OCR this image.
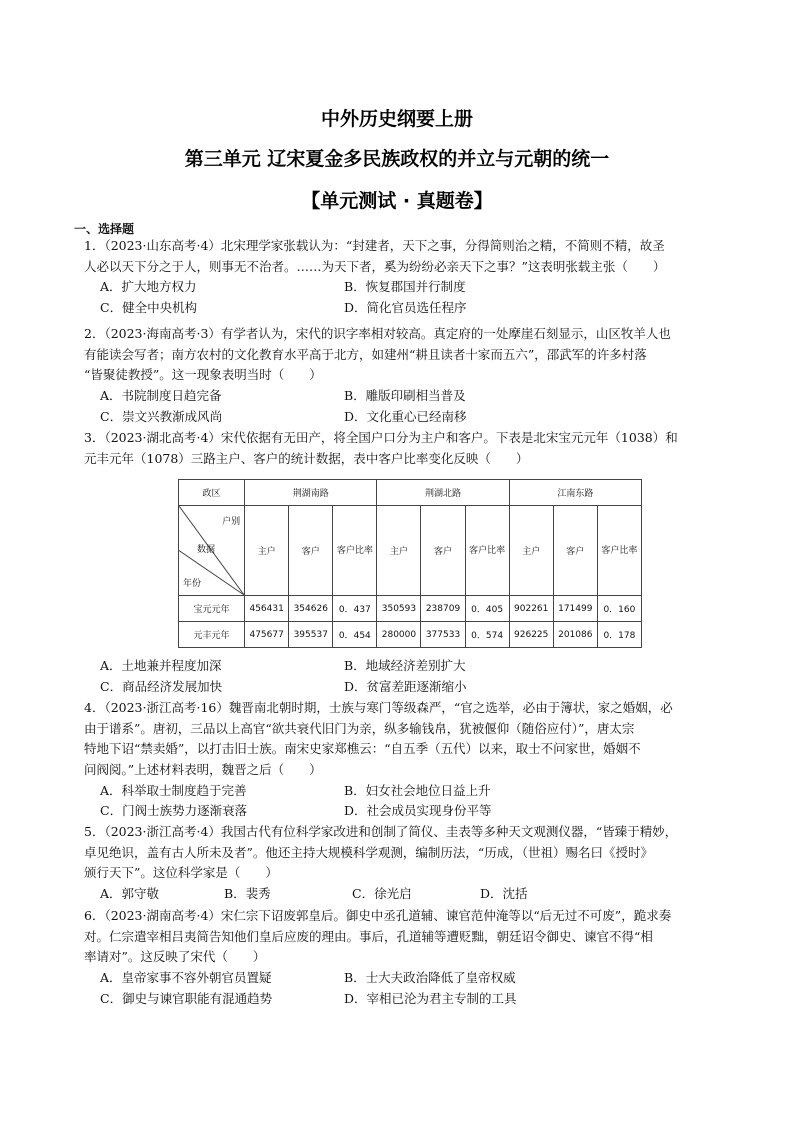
中外历史纲要上册
第三单元 辽宋夏金多民族政权的并立与元朝的统一
【单元测试 · 真题卷】
一、选择题
1．（2023·山东高考·4）北宋理学家张载认为：“封建者，天下之事，分得简则治之精，不简则不精，故圣
人必以天下分之于人，则事无不治者。……为天下者，奚为纷纷必亲天下之事？”这表明张载主张（　　）
A．扩大地方权力	B．恢复郡国并行制度
C．健全中央机构	D．简化官员选任程序
2．（2023·海南高考·3）有学者认为，宋代的识字率相对较高。真定府的一处摩崖石刻显示，山区牧羊人也
有能读会写者；南方农村的文化教育水平高于北方，如建州“耕且读者十家而五六”，邵武军的许多村落
“皆聚徒教授”。这一现象表明当时（　　）
A．书院制度日趋完备	B．雕版印刷相当普及
C．崇文兴教渐成风尚	D．文化重心已经南移
3．（2023·湖北高考·4）宋代依据有无田产，将全国户口分为主户和客户。下表是北宋宝元元年（1038）和
元丰元年（1078）三路主户、客户的统计数据，表中客户比率变化反映（　　）
政区	荆湖南路			荆湖北路			江南东路		

户别
数据
年份	主户	客户	客户比率	主户	客户	客户比率	主户	客户	客户比率
宝元元年	456431	354626	0．437	350593	238709	0．405	902261	171499	0．160
元丰元年	475677	395537	0．454	280000	377533	0．574	926225	201086	0．178
A．土地兼并程度加深	B．地域经济差别扩大
C．商品经济发展加快	D．贫富差距逐渐缩小
4．（2023·浙江高考·16）魏晋南北朝时期，士族与寒门等级森严，“官之选举，必由于簿状，家之婚姻，必
由于谱系”。唐初，三品以上高官“欲共衰代旧门为亲，纵多输钱帛，犹被偃仰（随俗应付）”，唐太宗
特地下诏“禁卖婚”，以打击旧士族。南宋史家郑樵云：“自五季（五代）以来，取士不问家世，婚姻不
问阀阅。”上述材料表明，魏晋之后（　　）
A．科举取士制度趋于完善	B．妇女社会地位日益上升
C．门阀士族势力逐渐衰落	D．社会成员实现身份平等
5．（2023·浙江高考·4）我国古代有位科学家改进和创制了简仪、圭表等多种天文观测仪器，“皆臻于精妙，
卓见绝识，盖有古人所未及者”。他还主持大规模科学观测，编制历法，“历成，（世祖）赐名曰《授时》
颁行天下”。这位科学家是（　　）
A．郭守敬	B．裴秀	C．徐光启	D．沈括
6．（2023·湖南高考·4）宋仁宗下诏废郭皇后。御史中丞孔道辅、谏官范仲淹等以“后无过不可废”，跪求奏
对。仁宗遣宰相吕夷简告知他们皇后应废的理由。事后，孔道辅等遭贬黜，朝廷诏令御史、谏官不得“相
率请对”。这反映了宋代（　　）
A．皇帝家事不容外朝官员置疑	B．士大夫政治降低了皇帝权威
C．御史与谏官职能有混通趋势	D．宰相已沦为君主专制的工具
